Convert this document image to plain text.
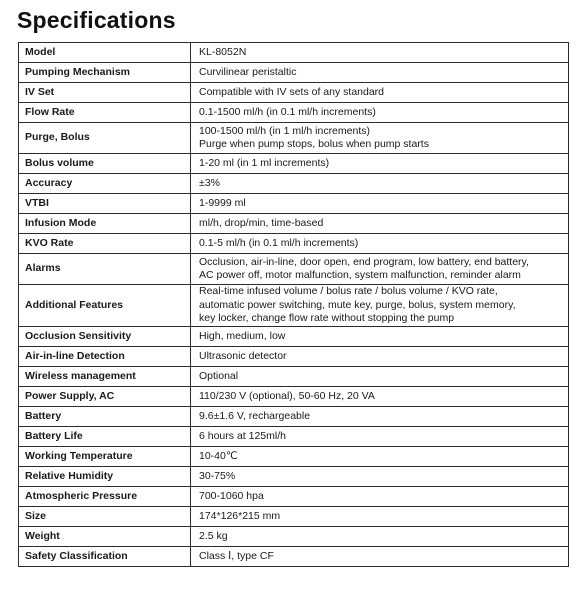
Specifications
Model	KL-8052N

Pumping Mechanism	Curvilinear peristaltic

IV Set	Compatible with IV sets of any standard

Flow Rate	0.1-1500 ml/h (in 0.1 ml/h increments)

Purge, Bolus	100-1500 ml/h (in 1 ml/h increments)
Purge when pump stops, bolus when pump starts

Bolus volume	1-20 ml (in 1 ml increments)

Accuracy	±3%

VTBI	1-9999 ml

Infusion Mode	ml/h, drop/min, time-based

KVO Rate	0.1-5 ml/h (in 0.1 ml/h increments)

Alarms	Occlusion, air-in-line, door open, end program, low battery, end battery,
AC power off, motor malfunction, system malfunction, reminder alarm

Additional Features	Real-time infused volume / bolus rate / bolus volume / KVO rate,
automatic power switching, mute key, purge, bolus, system memory,
key locker, change flow rate without stopping the pump

Occlusion Sensitivity	High, medium, low

Air-in-line Detection	Ultrasonic detector

Wireless management	Optional

Power Supply, AC	110/230 V (optional), 50-60 Hz, 20 VA

Battery	9.6±1.6 V, rechargeable

Battery Life	6 hours at 125ml/h

Working Temperature	10-40℃

Relative Humidity	30-75%

Atmospheric Pressure	700-1060 hpa

Size	174*126*215 mm

Weight	2.5 kg

Safety Classification	Class Ⅰ, type CF
